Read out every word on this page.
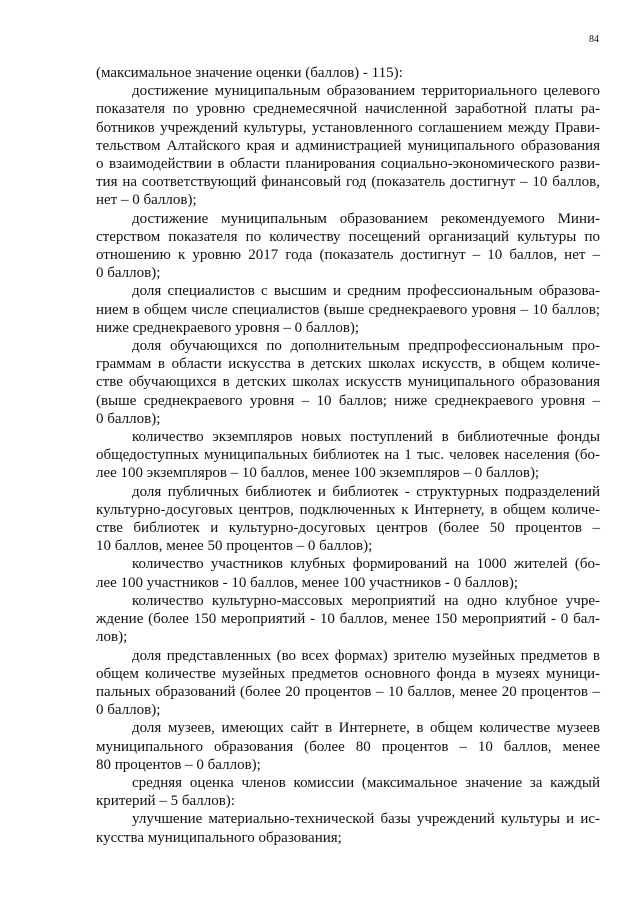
84
(максимальное значение оценки (баллов) - 115):
достижение муниципальным образованием территориального целевого
показателя по уровню среднемесячной начисленной заработной платы ра-
ботников учреждений культуры, установленного соглашением между Прави-
тельством Алтайского края и администрацией муниципального образования
о взаимодействии в области планирования социально-экономического разви-
тия на соответствующий финансовый год (показатель достигнут – 10 баллов,
нет – 0 баллов);
достижение муниципальным образованием рекомендуемого Мини-
стерством показателя по количеству посещений организаций культуры по
отношению к уровню 2017 года (показатель достигнут – 10 баллов, нет –
0 баллов);
доля специалистов с высшим и средним профессиональным образова-
нием в общем числе специалистов (выше среднекраевого уровня – 10 баллов;
ниже среднекраевого уровня – 0 баллов);
доля обучающихся по дополнительным предпрофессиональным про-
граммам в области искусства в детских школах искусств, в общем количе-
стве обучающихся в детских школах искусств муниципального образования
(выше среднекраевого уровня – 10 баллов; ниже среднекраевого уровня –
0 баллов);
количество экземпляров новых поступлений в библиотечные фонды
общедоступных муниципальных библиотек на 1 тыс. человек населения (бо-
лее 100 экземпляров – 10 баллов, менее 100 экземпляров – 0 баллов);
доля публичных библиотек и библиотек - структурных подразделений
культурно-досуговых центров, подключенных к Интернету, в общем количе-
стве библиотек и культурно-досуговых центров (более 50 процентов –
10 баллов, менее 50 процентов – 0 баллов);
количество участников клубных формирований на 1000 жителей (бо-
лее 100 участников - 10 баллов, менее 100 участников - 0 баллов);
количество культурно-массовых мероприятий на одно клубное учре-
ждение (более 150 мероприятий - 10 баллов, менее 150 мероприятий - 0 бал-
лов);
доля представленных (во всех формах) зрителю музейных предметов в
общем количестве музейных предметов основного фонда в музеях муници-
пальных образований (более 20 процентов – 10 баллов, менее 20 процентов –
0 баллов);
доля музеев, имеющих сайт в Интернете, в общем количестве музеев
муниципального образования (более 80 процентов – 10 баллов, менее
80 процентов – 0 баллов);
средняя оценка членов комиссии (максимальное значение за каждый
критерий – 5 баллов):
улучшение материально-технической базы учреждений культуры и ис-
кусства муниципального образования;
